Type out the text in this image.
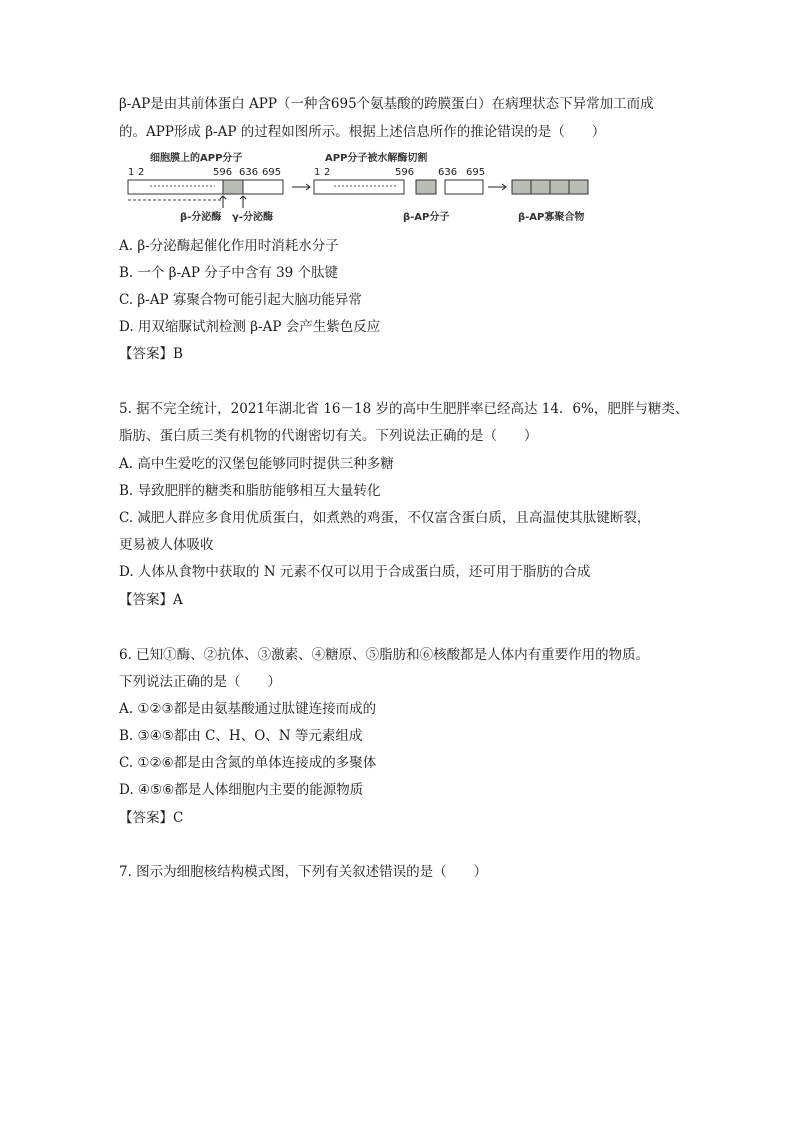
β-AP是由其前体蛋白 APP（一种含695个氨基酸的跨膜蛋白）在病理状态下异常加工而成
的。APP形成 β-AP 的过程如图所示。根据上述信息所作的推论错误的是（　　）
细胞膜上的APP分子
1 2	596 636 695
β-分泌酶 γ-分泌酶
APP分子被水解酶切割
1 2	596 636 695
β-AP分子	β-AP寡聚合物
A. β-分泌酶起催化作用时消耗水分子
B. 一个 β-AP 分子中含有 39 个肽键
C. β-AP 寡聚合物可能引起大脑功能异常
D. 用双缩脲试剂检测 β-AP 会产生紫色反应
【答案】B
5. 据不完全统计，2021年湖北省 16－18 岁的高中生肥胖率已经高达 14．6%，肥胖与糖类、
脂肪、蛋白质三类有机物的代谢密切有关。下列说法正确的是（　　）
A. 高中生爱吃的汉堡包能够同时提供三种多糖
B. 导致肥胖的糖类和脂肪能够相互大量转化
C. 减肥人群应多食用优质蛋白，如煮熟的鸡蛋，不仅富含蛋白质，且高温使其肽键断裂，
更易被人体吸收
D. 人体从食物中获取的 N 元素不仅可以用于合成蛋白质，还可用于脂肪的合成
【答案】A
6. 已知①酶、②抗体、③激素、④糖原、⑤脂肪和⑥核酸都是人体内有重要作用的物质。
下列说法正确的是（　　）
A. ①②③都是由氨基酸通过肽键连接而成的
B. ③④⑤都由 C、H、O、N 等元素组成
C. ①②⑥都是由含氮的单体连接成的多聚体
D. ④⑤⑥都是人体细胞内主要的能源物质
【答案】C
7. 图示为细胞核结构模式图，下列有关叙述错误的是（　　）
